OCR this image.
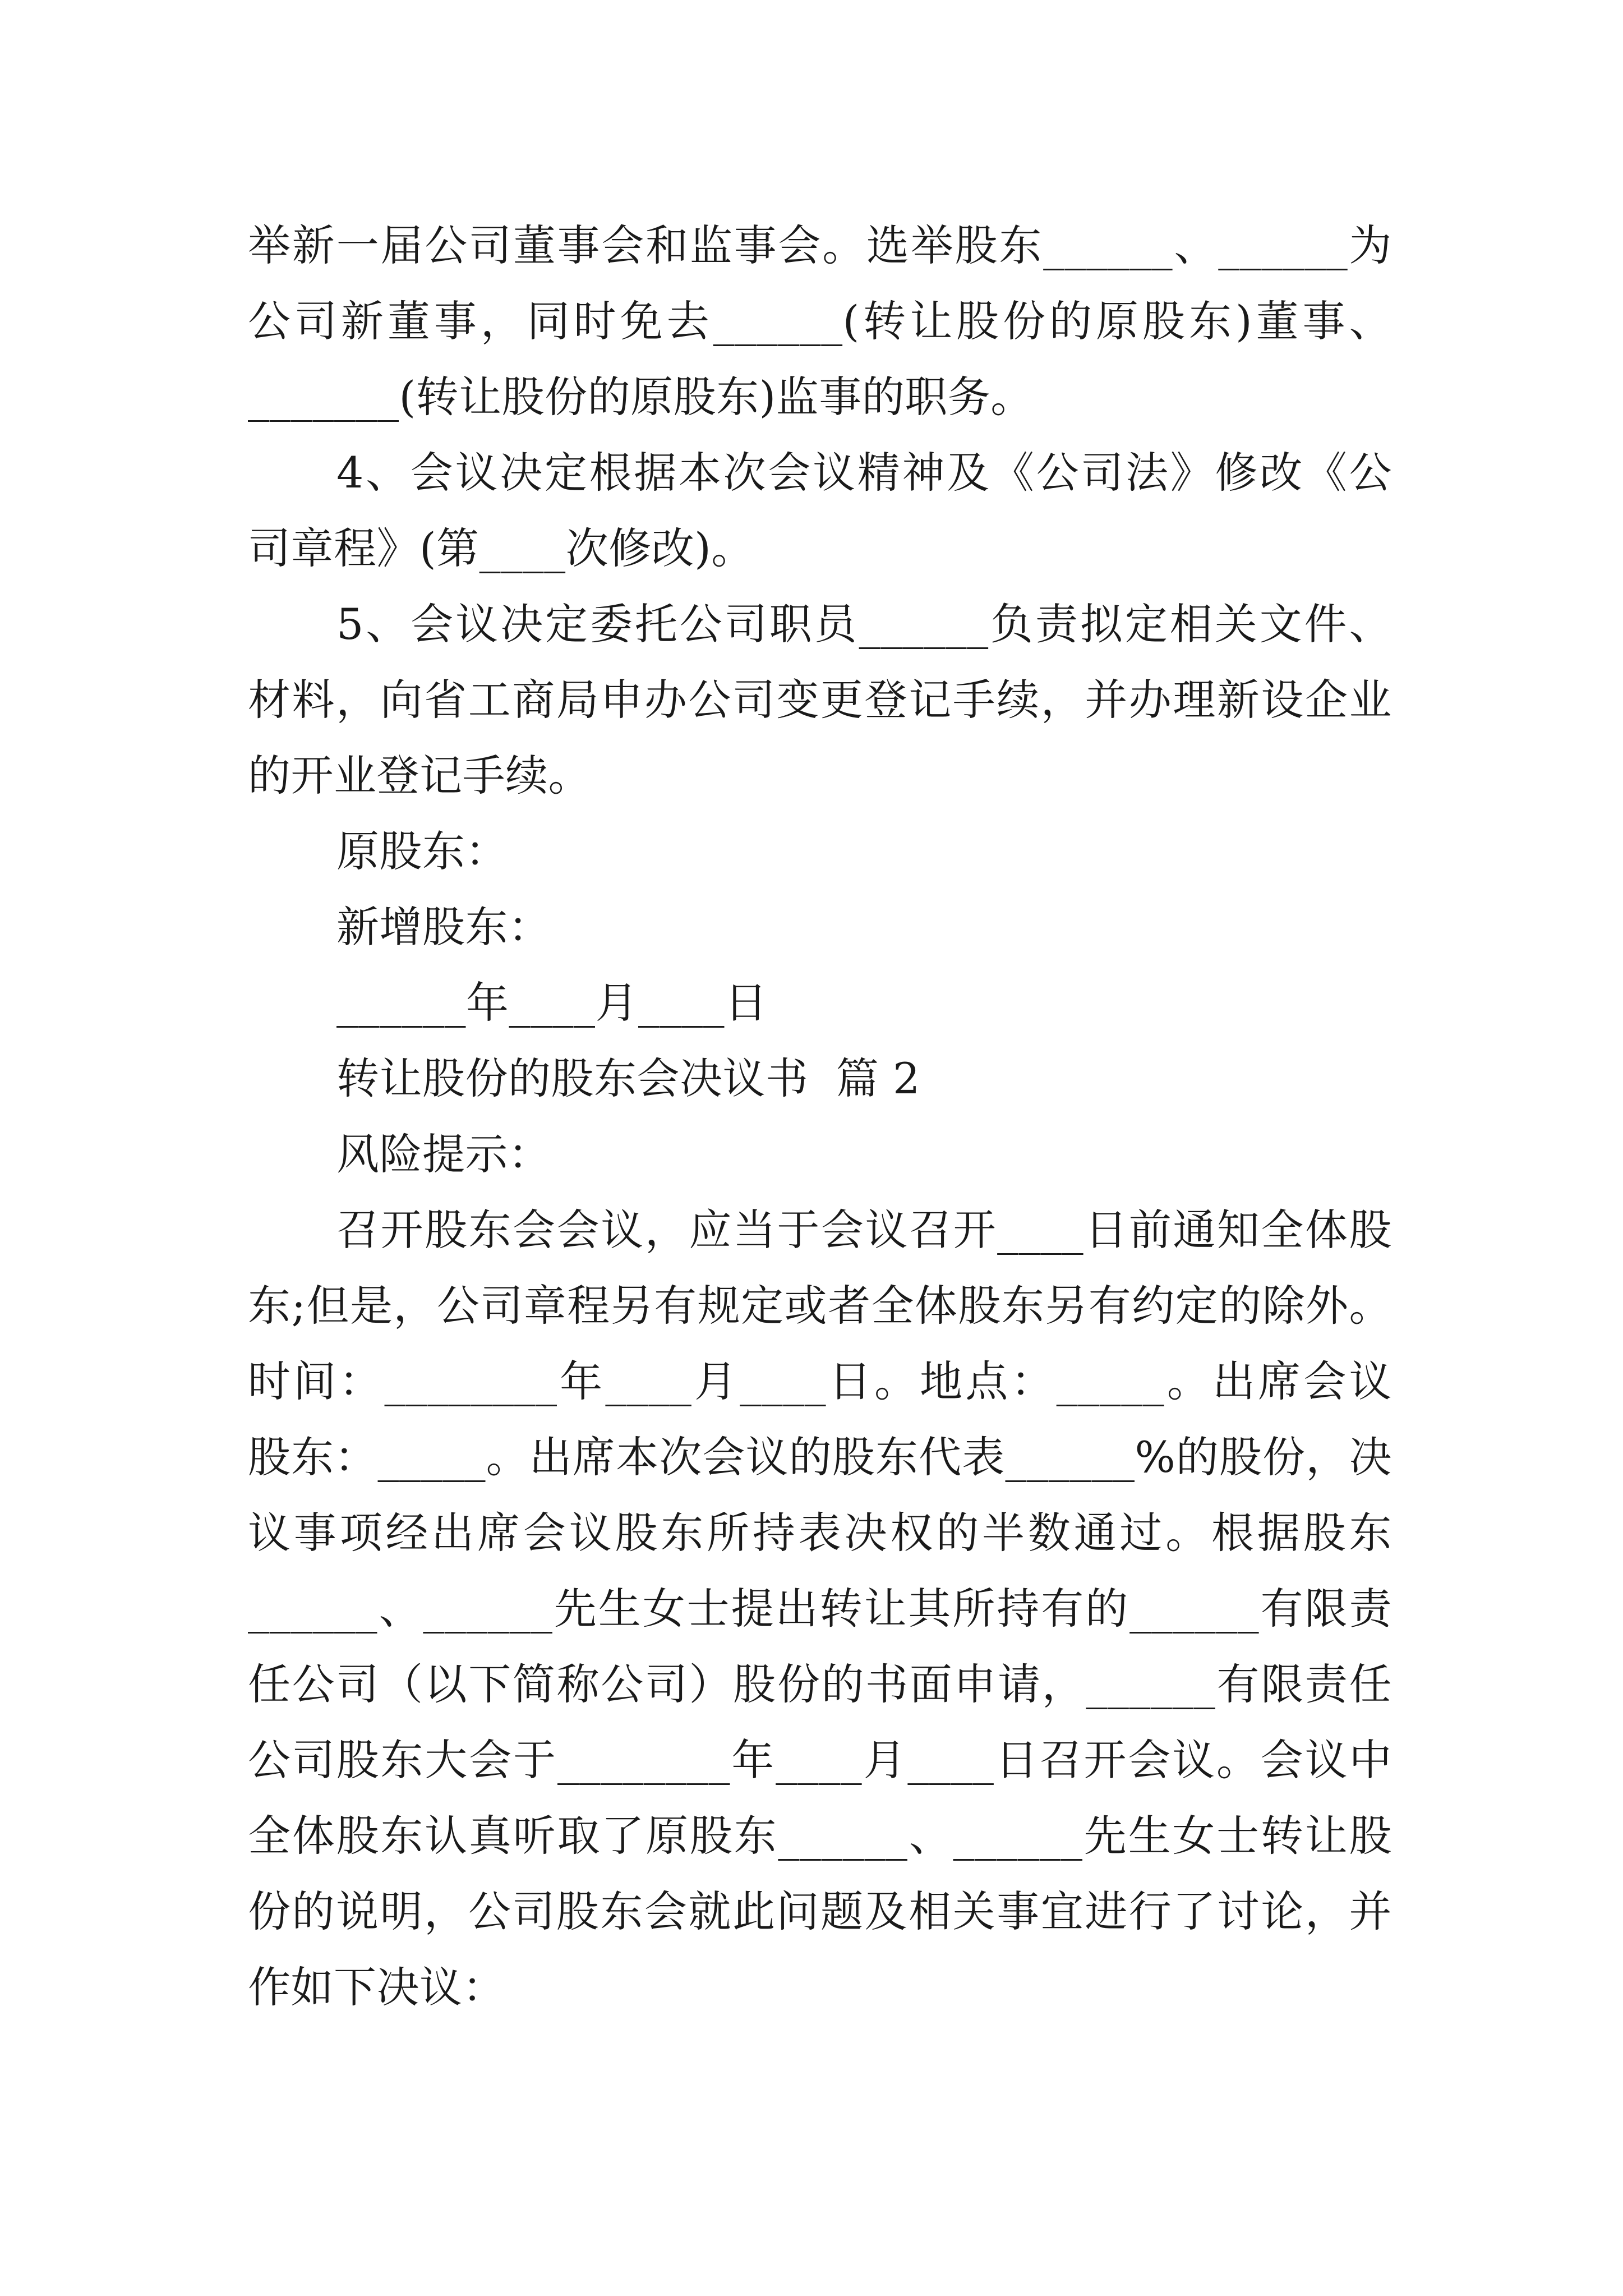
举新一届公司董事会和监事会。选举股东______、______为
公司新董事，同时免去______(转让股份的原股东)董事、
_______(转让股份的原股东)监事的职务。
4、会议决定根据本次会议精神及《公司法》修改《公
司章程》(第____次修改)。
5、会议决定委托公司职员______负责拟定相关文件、
材料，向省工商局申办公司变更登记手续，并办理新设企业
的开业登记手续。
原股东：
新增股东：
______年____月____日
转让股份的股东会决议书  篇 2
风险提示：
召开股东会会议，应当于会议召开____日前通知全体股
东;但是，公司章程另有规定或者全体股东另有约定的除外。
时间：________年____月____日。地点：_____。出席会议
股东：_____。出席本次会议的股东代表______%的股份，决
议事项经出席会议股东所持表决权的半数通过。根据股东
______、______先生女士提出转让其所持有的______有限责
任公司（以下简称公司）股份的书面申请，______有限责任
公司股东大会于________年____月____日召开会议。会议中
全体股东认真听取了原股东______、______先生女士转让股
份的说明，公司股东会就此问题及相关事宜进行了讨论，并
作如下决议：
